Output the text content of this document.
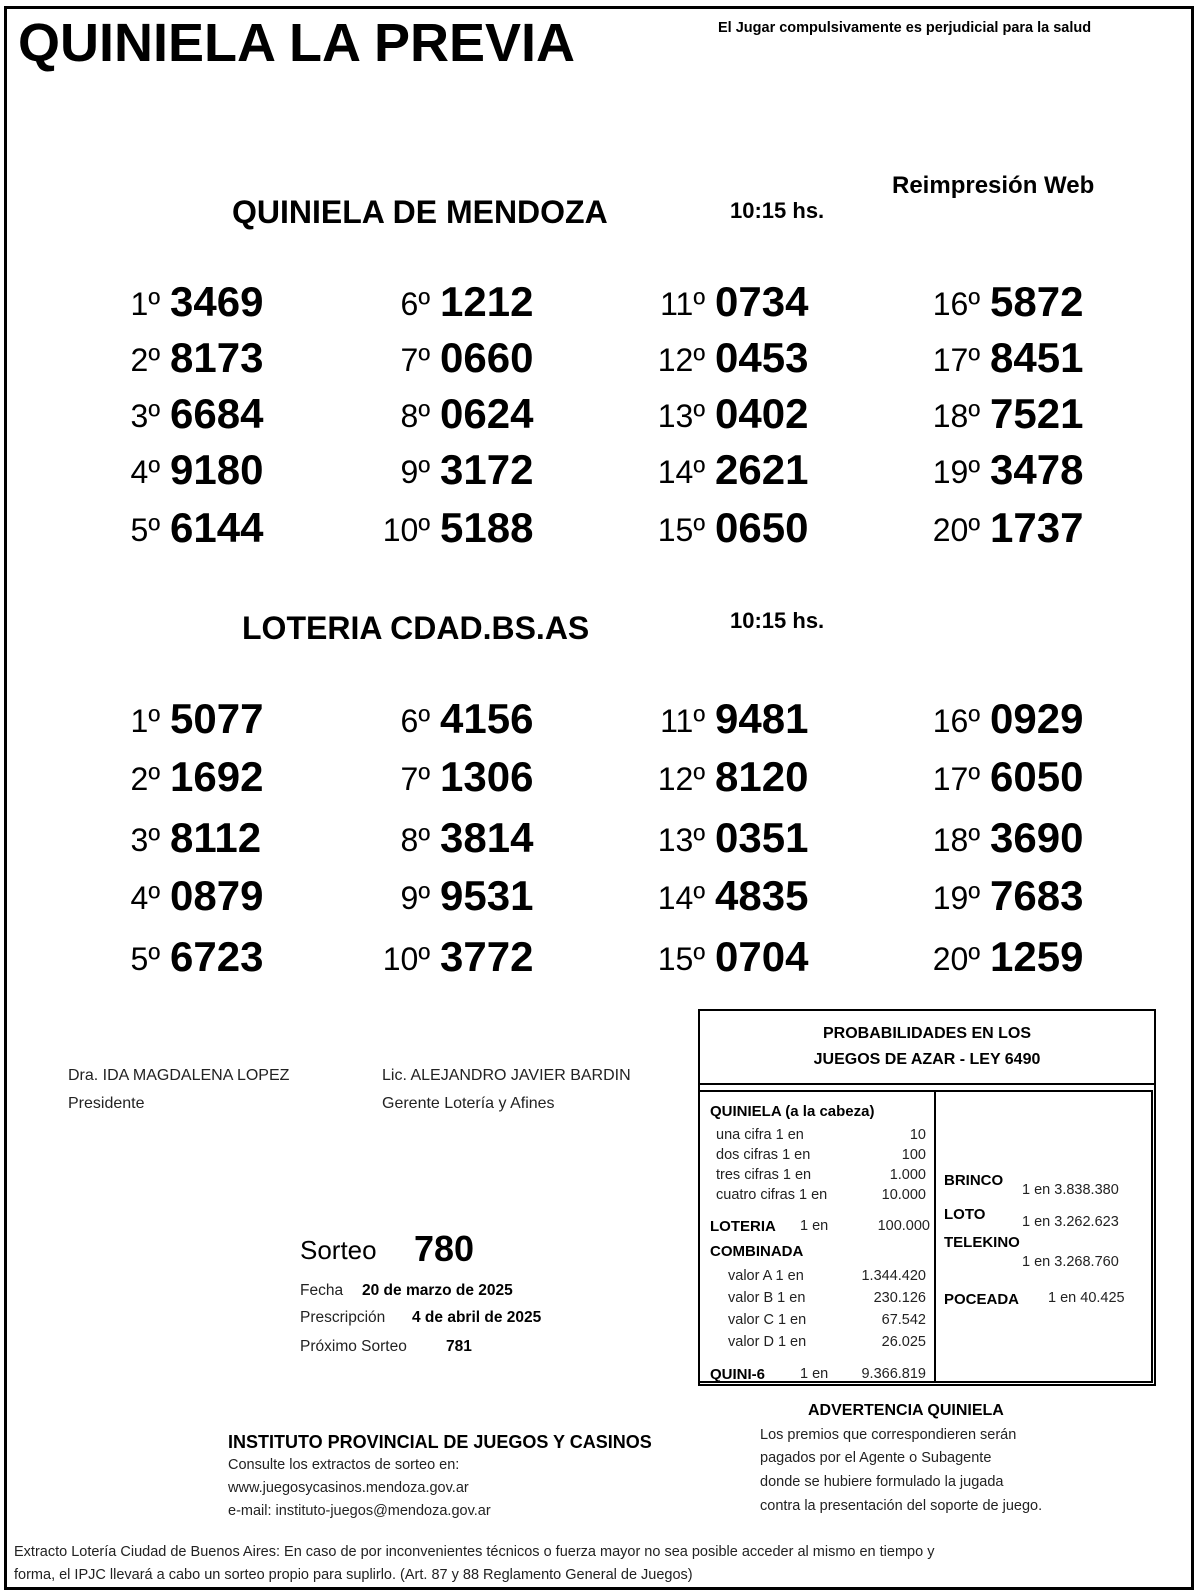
QUINIELA LA PREVIA	El Jugar compulsivamente es perjudicial para la salud
Reimpresión Web
QUINIELA DE MENDOZA	10:15 hs.
1º 3469
2º 8173
3º 6684
4º 9180
5º 6144
6º 1212
7º 0660
8º 0624
9º 3172
10º 5188
11º 0734
12º 0453
13º 0402
14º 2621
15º 0650
16º 5872
17º 8451
18º 7521
19º 3478
20º 1737
LOTERIA CDAD.BS.AS	10:15 hs.
1º 5077
2º 1692
3º 8112
4º 0879
5º 6723
6º 4156
7º 1306
8º 3814
9º 9531
10º 3772
11º 9481
12º 8120
13º 0351
14º 4835
15º 0704
16º 0929
17º 6050
18º 3690
19º 7683
20º 1259
Dra. IDA MAGDALENA LOPEZ
Presidente
Lic. ALEJANDRO JAVIER BARDIN
Gerente Lotería y Afines
Sorteo 780
Fecha 20 de marzo de 2025
Prescripción 4 de abril de 2025
Próximo Sorteo	781
PROBABILIDADES EN LOS
JUEGOS DE AZAR - LEY 6490
QUINIELA (a la cabeza)
una cifra 1 en	10
dos cifras 1 en	100
tres cifras 1 en	1.000
cuatro cifras 1 en	10.000
LOTERIA 1 en	100.000
COMBINADA
valor A 1 en	1.344.420
valor B 1 en	230.126
valor C 1 en	67.542
valor D 1 en	26.025
QUINI-6 1 en	9.366.819
BRINCO
1 en 3.838.380
LOTO	1 en 3.262.623
TELEKINO
1 en 3.268.760
POCEADA 1 en 40.425
INSTITUTO PROVINCIAL DE JUEGOS Y CASINOS
Consulte los extractos de sorteo en:
www.juegosycasinos.mendoza.gov.ar
e-mail: instituto-juegos@mendoza.gov.ar
ADVERTENCIA QUINIELA
Los premios que correspondieren serán
pagados por el Agente o Subagente
donde se hubiere formulado la jugada
contra la presentación del soporte de juego.
Extracto Lotería Ciudad de Buenos Aires: En caso de por inconvenientes técnicos o fuerza mayor no sea posible acceder al mismo en tiempo y
forma, el IPJC llevará a cabo un sorteo propio para suplirlo. (Art. 87 y 88 Reglamento General de Juegos)
